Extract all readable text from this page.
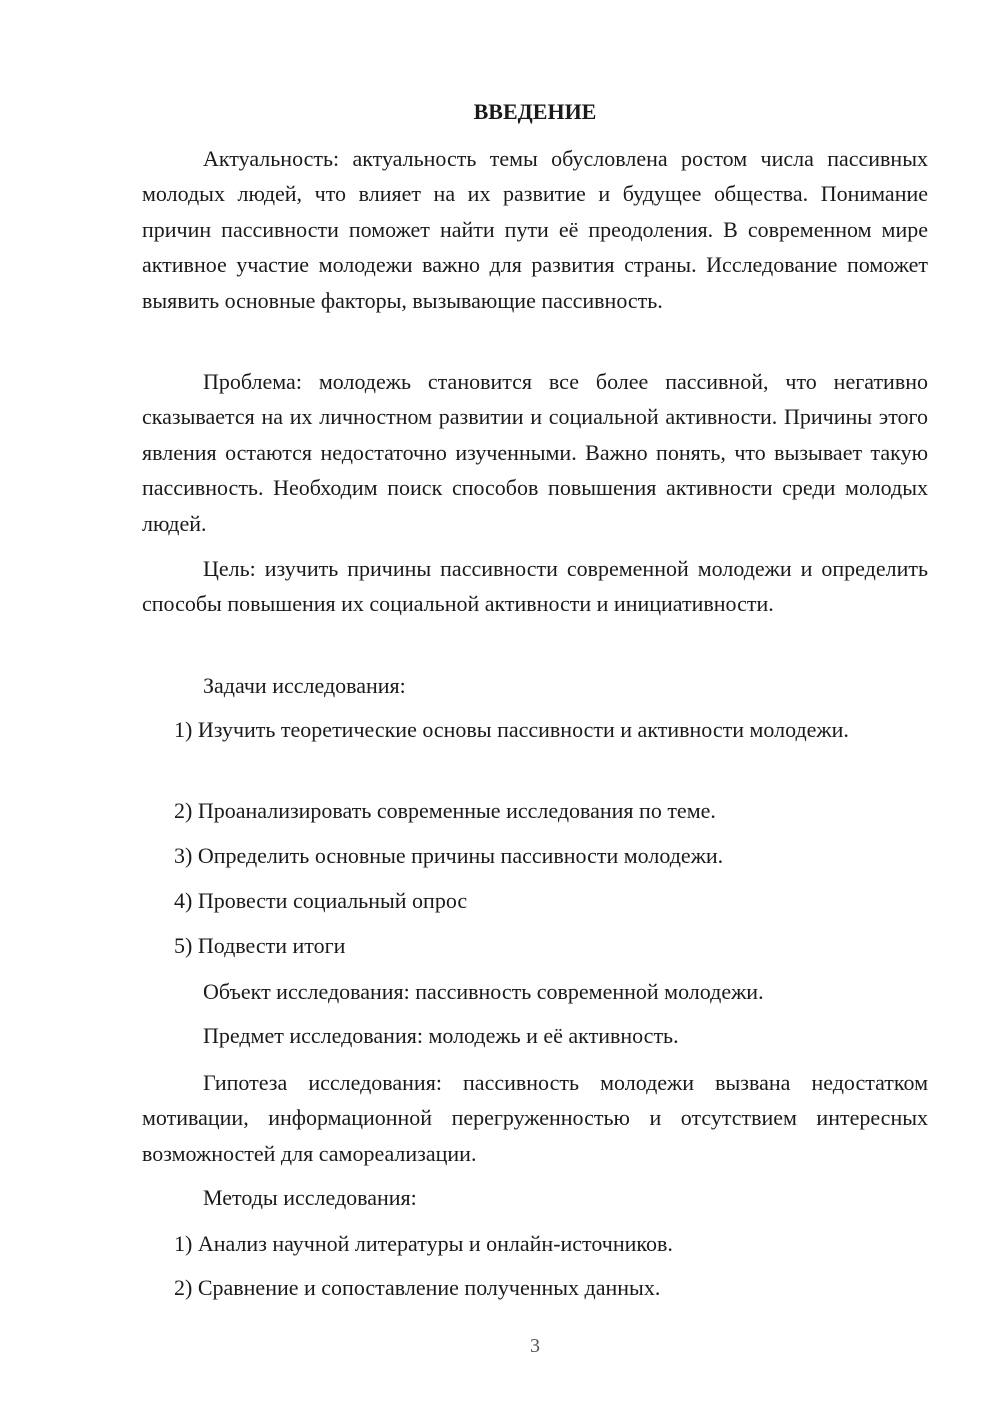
ВВЕДЕНИЕ

Актуальность: актуальность темы обусловлена ростом числа пассивных молодых людей, что влияет на их развитие и будущее общества. Понимание причин пассивности поможет найти пути её преодоления. В современном мире активное участие молодежи важно для развития страны. Исследование поможет выявить основные факторы, вызывающие пассивность.

Проблема: молодежь становится все более пассивной, что негативно сказывается на их личностном развитии и социальной активности. Причины этого явления остаются недостаточно изученными. Важно понять, что вызывает такую пассивность. Необходим поиск способов повышения активности среди молодых людей.

Цель: изучить причины пассивности современной молодежи и определить способы повышения их социальной активности и инициативности.

Задачи исследования:

1) Изучить теоретические основы пассивности и активности молодежи.

2) Проанализировать современные исследования по теме.
3) Определить основные причины пассивности молодежи.
4) Провести социальный опрос
5) Подвести итоги
Объект исследования: пассивность современной молодежи.
Предмет исследования: молодежь и её активность.

Гипотеза исследования: пассивность молодежи вызвана недостатком мотивации, информационной перегруженностью и отсутствием интересных возможностей для самореализации.

Методы исследования:
1) Анализ научной литературы и онлайн-источников.
2) Сравнение и сопоставление полученных данных.
3
